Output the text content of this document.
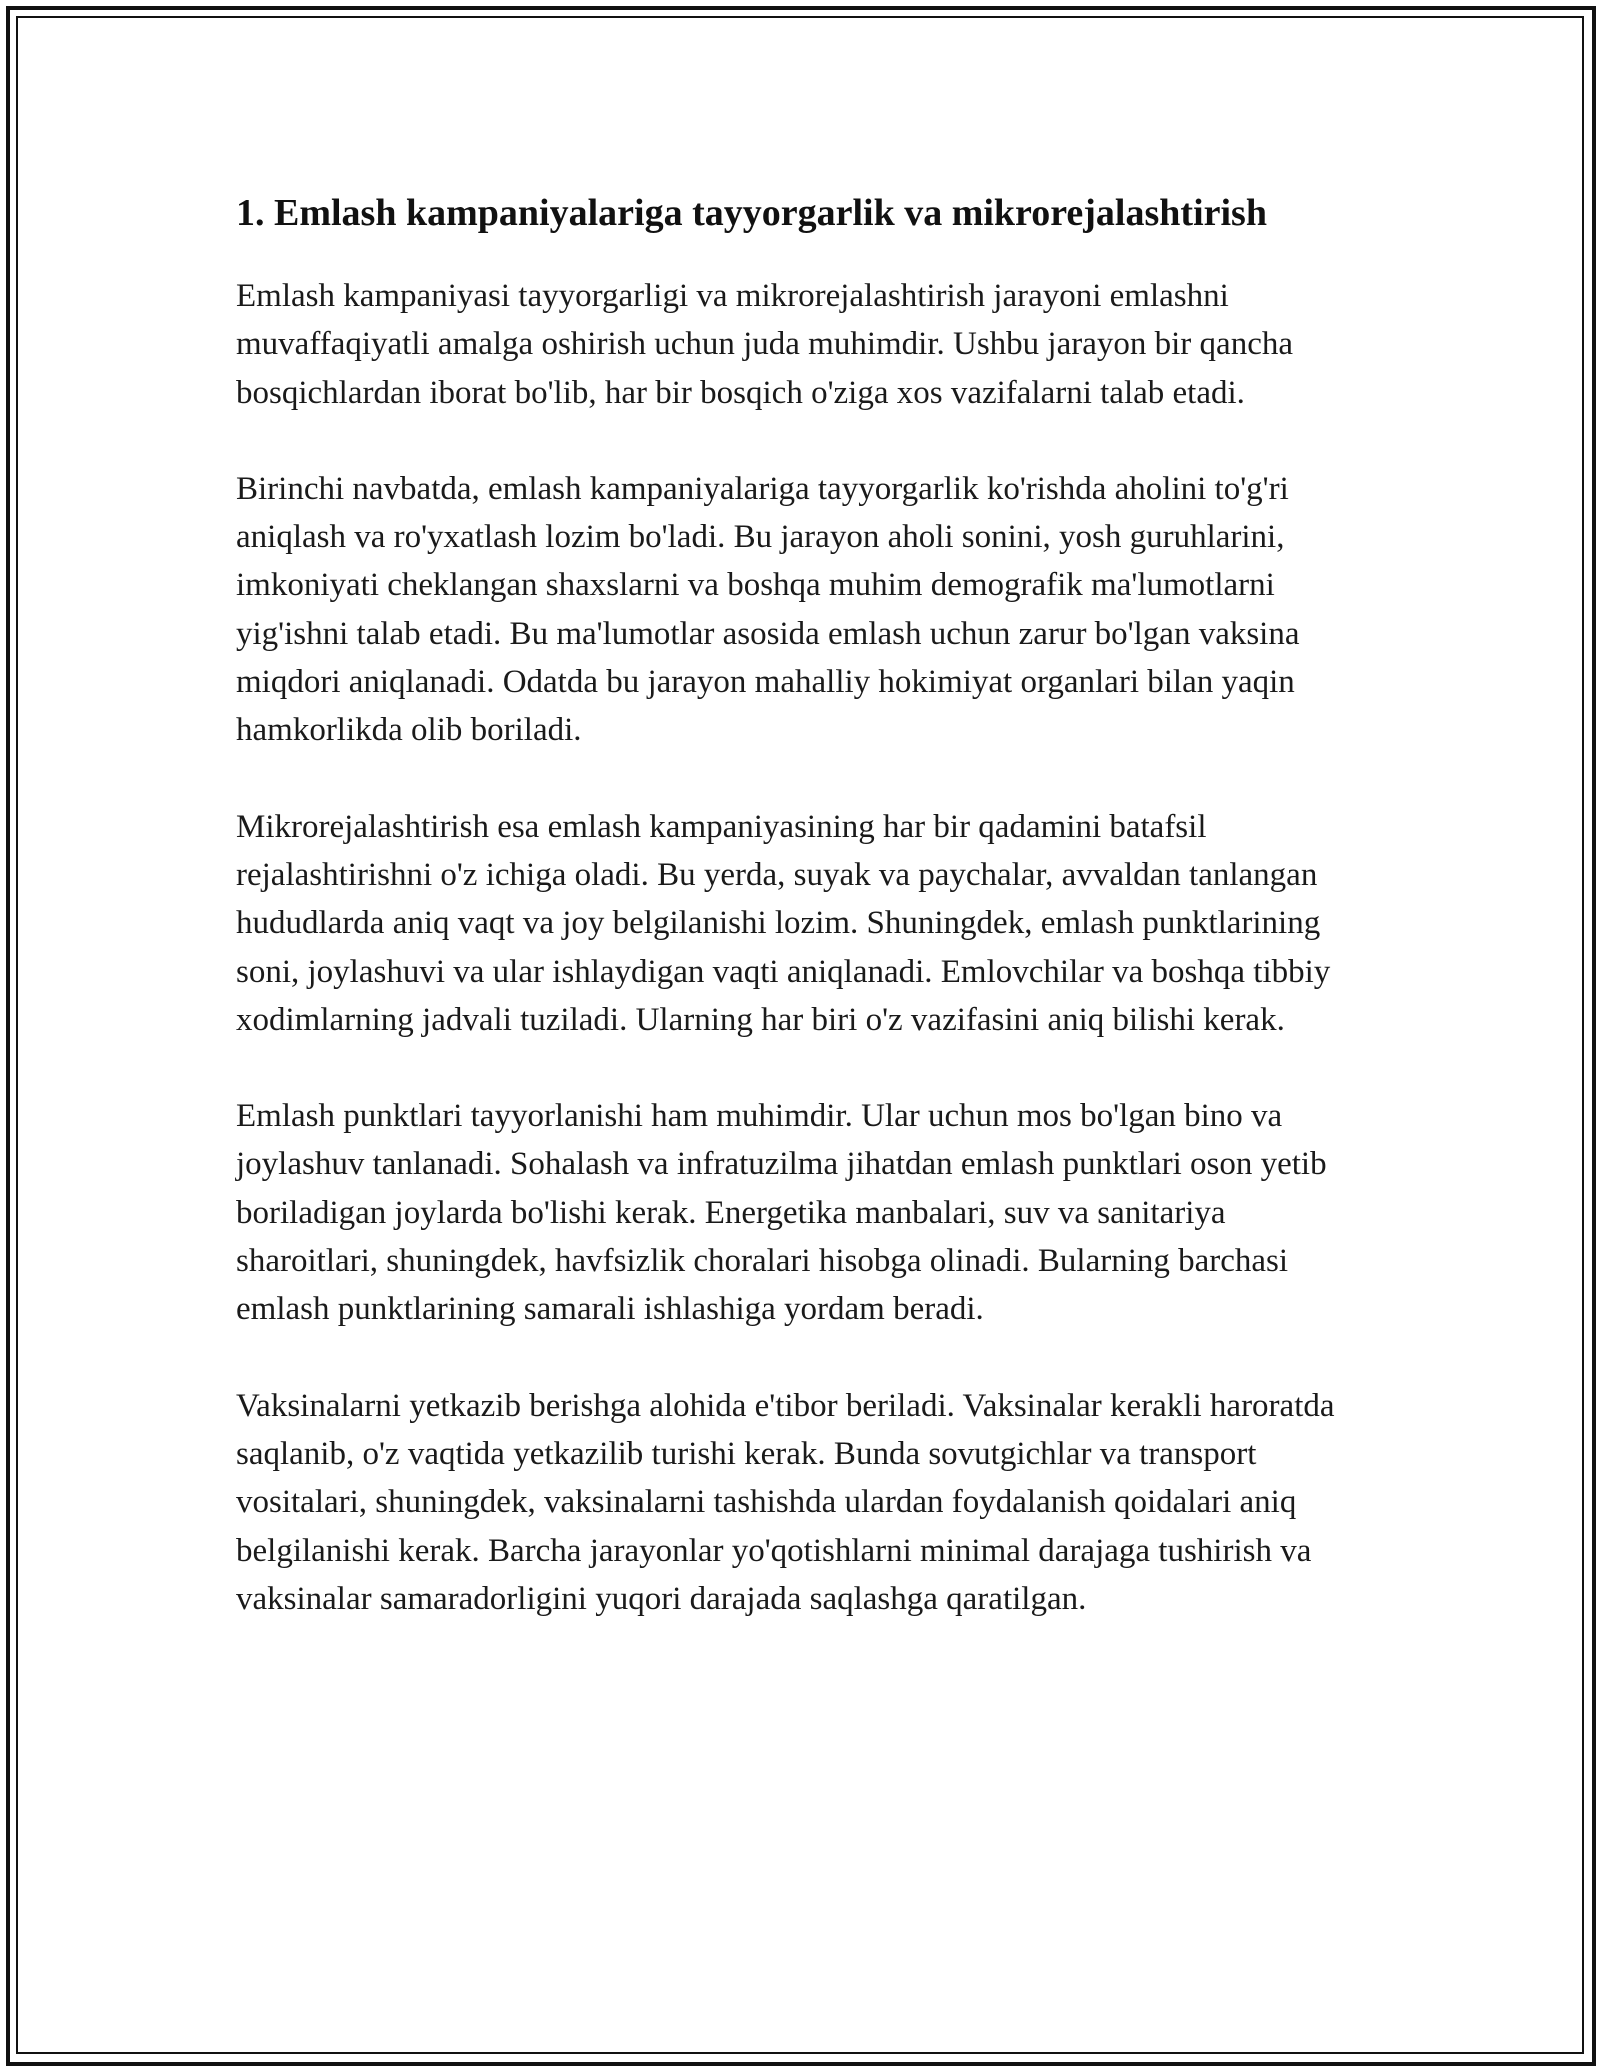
1. Emlash kampaniyalariga tayyorgarlik va mikrorejalashtirish

Emlash kampaniyasi tayyorgarligi va mikrorejalashtirish jarayoni emlashni muvaffaqiyatli amalga oshirish uchun juda muhimdir. Ushbu jarayon bir qancha bosqichlardan iborat bo'lib, har bir bosqich o'ziga xos vazifalarni talab etadi.

Birinchi navbatda, emlash kampaniyalariga tayyorgarlik ko'rishda aholini to'g'ri aniqlash va ro'yxatlash lozim bo'ladi. Bu jarayon aholi sonini, yosh guruhlarini, imkoniyati cheklangan shaxslarni va boshqa muhim demografik ma'lumotlarni yig'ishni talab etadi. Bu ma'lumotlar asosida emlash uchun zarur bo'lgan vaksina miqdori aniqlanadi. Odatda bu jarayon mahalliy hokimiyat organlari bilan yaqin hamkorlikda olib boriladi.

Mikrorejalashtirish esa emlash kampaniyasining har bir qadamini batafsil rejalashtirishni o'z ichiga oladi. Bu yerda, suyak va paychalar, avvaldan tanlangan hududlarda aniq vaqt va joy belgilanishi lozim. Shuningdek, emlash punktlarining soni, joylashuvi va ular ishlaydigan vaqti aniqlanadi. Emlovchilar va boshqa tibbiy xodimlarning jadvali tuziladi. Ularning har biri o'z vazifasini aniq bilishi kerak.

Emlash punktlari tayyorlanishi ham muhimdir. Ular uchun mos bo'lgan bino va joylashuv tanlanadi. Sohalash va infratuzilma jihatdan emlash punktlari oson yetib boriladigan joylarda bo'lishi kerak. Energetika manbalari, suv va sanitariya sharoitlari, shuningdek, havfsizlik choralari hisobga olinadi. Bularning barchasi emlash punktlarining samarali ishlashiga yordam beradi.

Vaksinalarni yetkazib berishga alohida e'tibor beriladi. Vaksinalar kerakli haroratda saqlanib, o'z vaqtida yetkazilib turishi kerak. Bunda sovutgichlar va transport vositalari, shuningdek, vaksinalarni tashishda ulardan foydalanish qoidalari aniq belgilanishi kerak. Barcha jarayonlar yo'qotishlarni minimal darajaga tushirish va vaksinalar samaradorligini yuqori darajada saqlashga qaratilgan.
